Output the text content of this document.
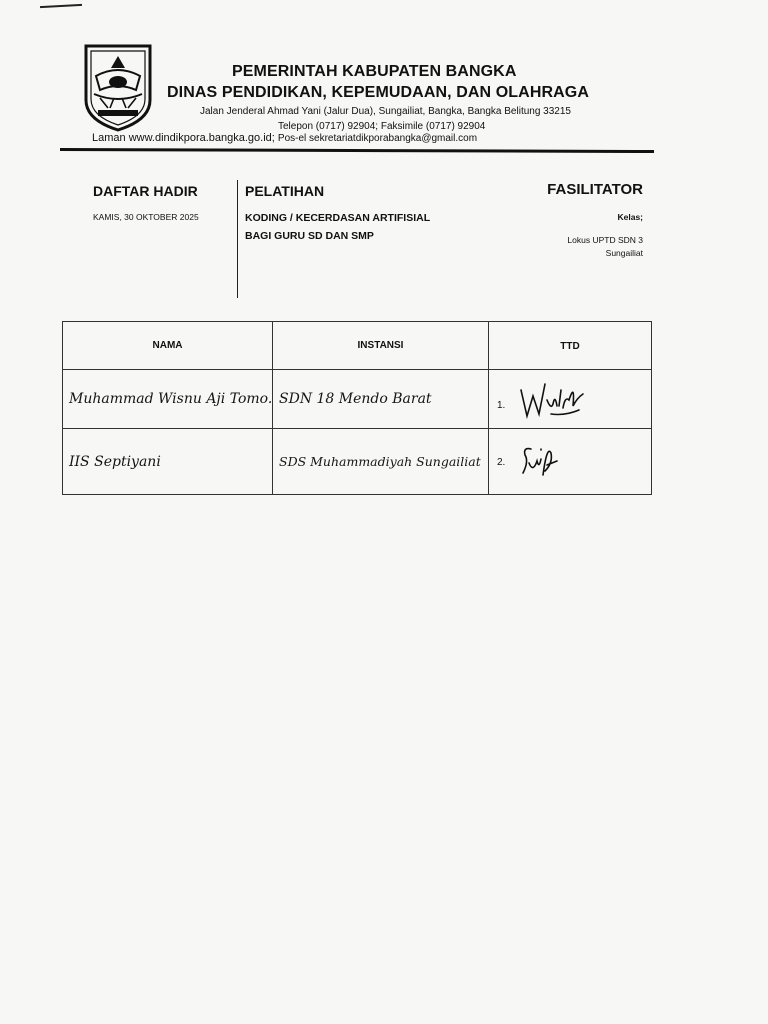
PEMERINTAH KABUPATEN BANGKA
DINAS PENDIDIKAN, KEPEMUDAAN, DAN OLAHRAGA
Jalan Jenderal Ahmad Yani (Jalur Dua), Sungailiat, Bangka, Bangka Belitung 33215
Telepon (0717) 92904; Faksimile (0717) 92904
Laman www.dindikpora.bangka.go.id; Pos-el sekretariatdikporabangka@gmail.com
DAFTAR HADIR
KAMIS, 30 OKTOBER 2025
PELATIHAN
KODING / KECERDASAN ARTIFISIAL
BAGI GURU SD DAN SMP
FASILITATOR
Kelas;
Lokus UPTD SDN 3
Sungailiat
NAMA	INSTANSI	TTD
Muhammad Wisnu Aji Tomo.	SDN 18 Mendo Barat	1.

IIS Septiyani	SDS Muhammadiyah Sungailiat	2.
